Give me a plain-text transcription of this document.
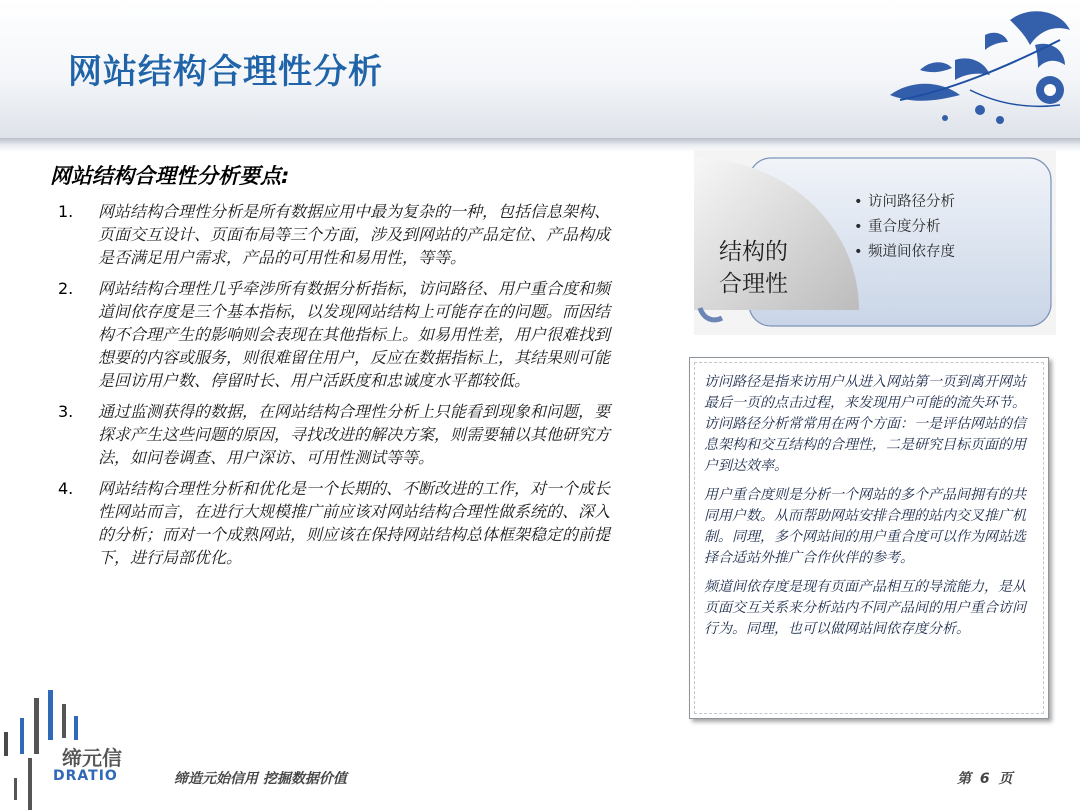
网站结构合理性分析
网站结构合理性分析要点:
1.	网站结构合理性分析是所有数据应用中最为复杂的一种，包括信息架构、页面交互设计、页面布局等三个方面，涉及到网站的产品定位、产品构成是否满足用户需求，产品的可用性和易用性，等等。
2.	网站结构合理性几乎牵涉所有数据分析指标，访问路径、用户重合度和频道间依存度是三个基本指标，以发现网站结构上可能存在的问题。而因结构不合理产生的影响则会表现在其他指标上。如易用性差，用户很难找到想要的内容或服务，则很难留住用户，反应在数据指标上，其结果则可能是回访用户数、停留时长、用户活跃度和忠诚度水平都较低。
3.	通过监测获得的数据，在网站结构合理性分析上只能看到现象和问题，要探求产生这些问题的原因，寻找改进的解决方案，则需要辅以其他研究方法，如问卷调查、用户深访、可用性测试等等。
4.	网站结构合理性分析和优化是一个长期的、不断改进的工作，对一个成长性网站而言，在进行大规模推广前应该对网站结构合理性做系统的、深入的分析；而对一个成熟网站，则应该在保持网站结构总体框架稳定的前提下，进行局部优化。
结构的
合理性
• 访问路径分析
• 重合度分析
• 频道间依存度

访问路径是指来访用户从进入网站第一页到离开网站最后一页的点击过程，来发现用户可能的流失环节。访问路径分析常常用在两个方面：一是评估网站的信息架构和交互结构的合理性，二是研究目标页面的用户到达效率。

用户重合度则是分析一个网站的多个产品间拥有的共同用户数。从而帮助网站安排合理的站内交叉推广机制。同理，多个网站间的用户重合度可以作为网站选择合适站外推广合作伙伴的参考。

频道间依存度是现有页面产品相互的导流能力，是从页面交互关系来分析站内不同产品间的用户重合访问行为。同理，也可以做网站间依存度分析。

缔元信
DRATIO	缔造元始信用 挖掘数据价值	第 6 页
